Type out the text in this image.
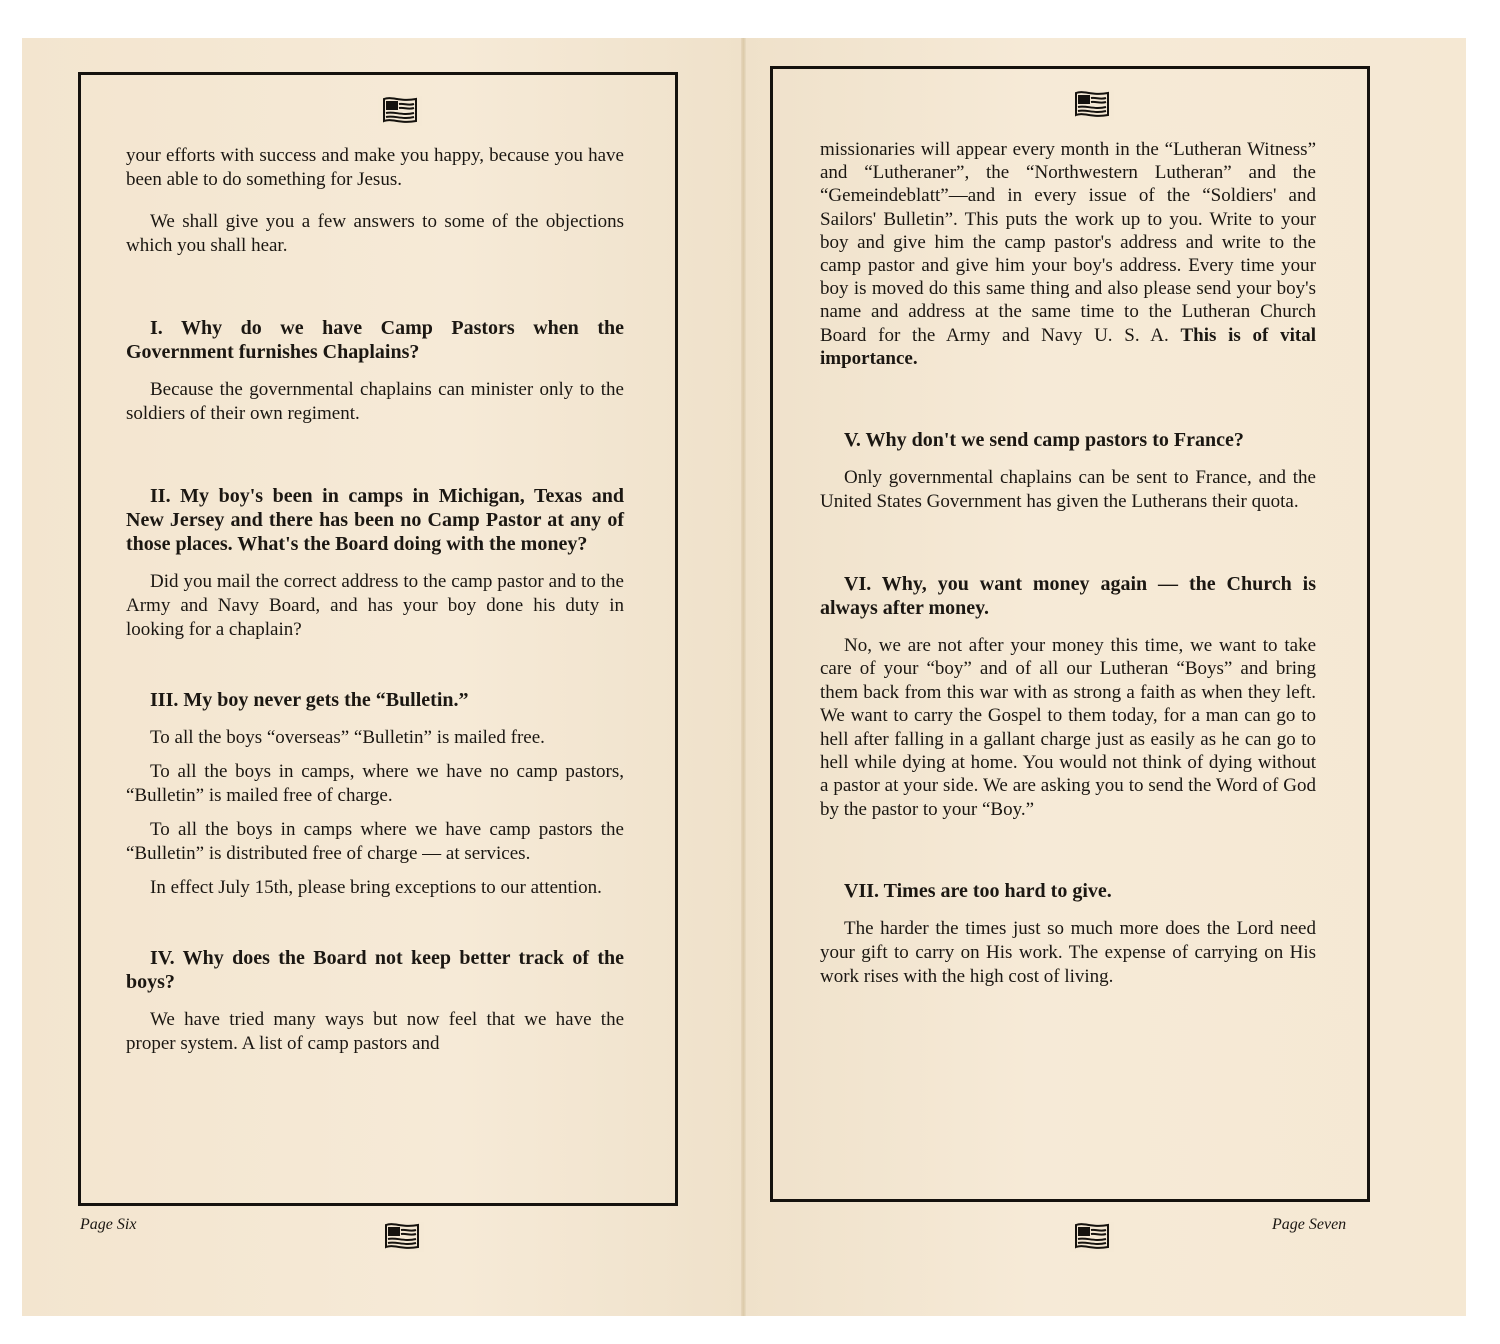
your efforts with success and make you happy, because you have been able to do something for Jesus.

We shall give you a few answers to some of the objections which you shall hear.

I. Why do we have Camp Pastors when the Government furnishes Chaplains?

Because the governmental chaplains can minister only to the soldiers of their own regiment.

II. My boy's been in camps in Michigan, Texas and New Jersey and there has been no Camp Pastor at any of those places. What's the Board doing with the money?

Did you mail the correct address to the camp pastor and to the Army and Navy Board, and has your boy done his duty in looking for a chaplain?

III. My boy never gets the “Bulletin.”

To all the boys “overseas” “Bulletin” is mailed free.

To all the boys in camps, where we have no camp pastors, “Bulletin” is mailed free of charge.

To all the boys in camps where we have camp pastors the “Bulletin” is distributed free of charge — at services.

In effect July 15th, please bring exceptions to our attention.

IV. Why does the Board not keep better track of the boys?

We have tried many ways but now feel that we have the proper system. A list of camp pastors and

Page Six

missionaries will appear every month in the “Lutheran Witness” and “Lutheraner”, the “Northwestern Lutheran” and the “Gemeindeblatt”—and in every issue of the “Soldiers' and Sailors' Bulletin”. This puts the work up to you. Write to your boy and give him the camp pastor's address and write to the camp pastor and give him your boy's address. Every time your boy is moved do this same thing and also please send your boy's name and address at the same time to the Lutheran Church Board for the Army and Navy U. S. A. This is of vital importance.

V. Why don't we send camp pastors to France?

Only governmental chaplains can be sent to France, and the United States Government has given the Lutherans their quota.

VI. Why, you want money again — the Church is always after money.

No, we are not after your money this time, we want to take care of your “boy” and of all our Lutheran “Boys” and bring them back from this war with as strong a faith as when they left. We want to carry the Gospel to them today, for a man can go to hell after falling in a gallant charge just as easily as he can go to hell while dying at home. You would not think of dying without a pastor at your side. We are asking you to send the Word of God by the pastor to your “Boy.”

VII. Times are too hard to give.

The harder the times just so much more does the Lord need your gift to carry on His work. The expense of carrying on His work rises with the high cost of living.

Page Seven
